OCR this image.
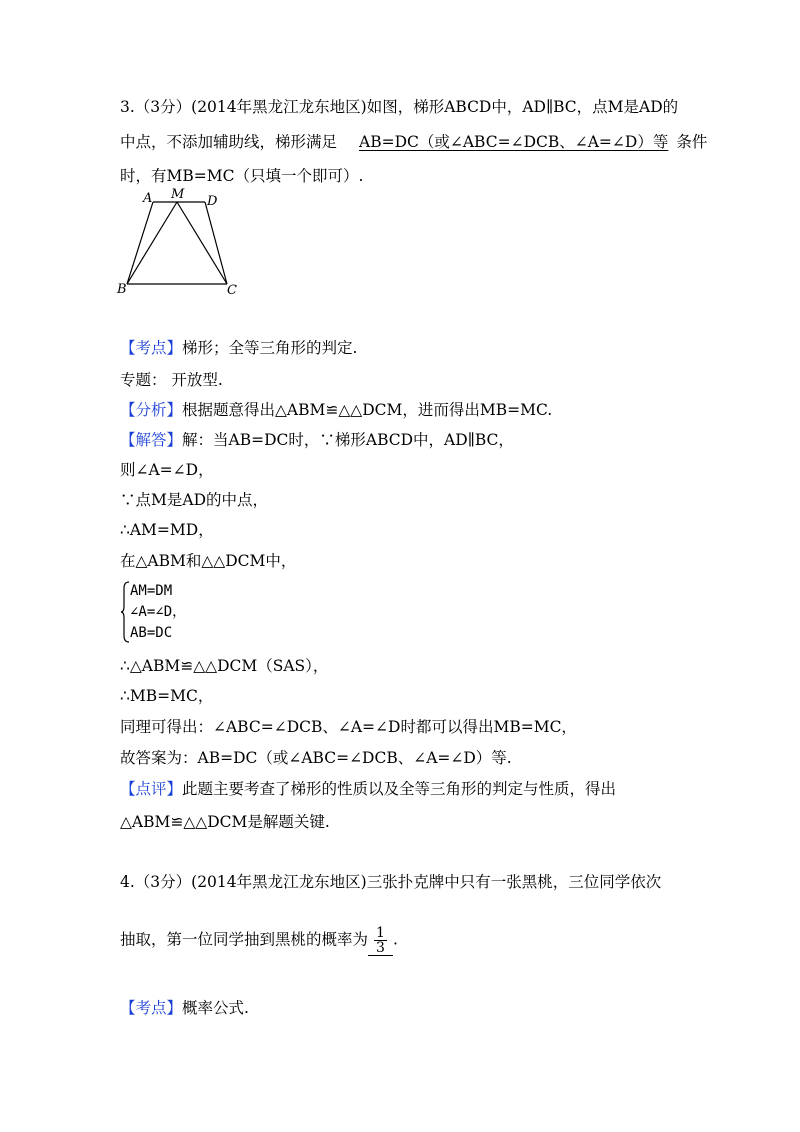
3.（3分）(2014年黑龙江龙东地区)如图，梯形ABCD中，AD∥BC，点M是AD的
中点，不添加辅助线，梯形满足 AB=DC（或∠ABC=∠DCB、∠A=∠D）等 条件
时，有MB=MC（只填一个即可）.
A M D
B	C
【考点】梯形；全等三角形的判定.
专题： 开放型.
【分析】根据题意得出△ABM≌△△DCM，进而得出MB=MC.
【解答】解：当AB=DC时，∵梯形ABCD中，AD∥BC，
则∠A=∠D，
∵点M是AD的中点，
∴AM=MD，
在△ABM和△△DCM中，
AM=DM
∠A=∠D，
AB=DC
∴△ABM≌△△DCM（SAS），
∴MB=MC，
同理可得出：∠ABC=∠DCB、∠A=∠D时都可以得出MB=MC，
故答案为：AB=DC（或∠ABC=∠DCB、∠A=∠D）等.
【点评】此题主要考查了梯形的性质以及全等三角形的判定与性质，得出
△ABM≌△△DCM是解题关键.
4.（3分）(2014年黑龙江龙东地区)三张扑克牌中只有一张黑桃，三位同学依次
抽取，第一位同学抽到黑桃的概率为 $\frac{1}{3}$ .
【考点】概率公式.
